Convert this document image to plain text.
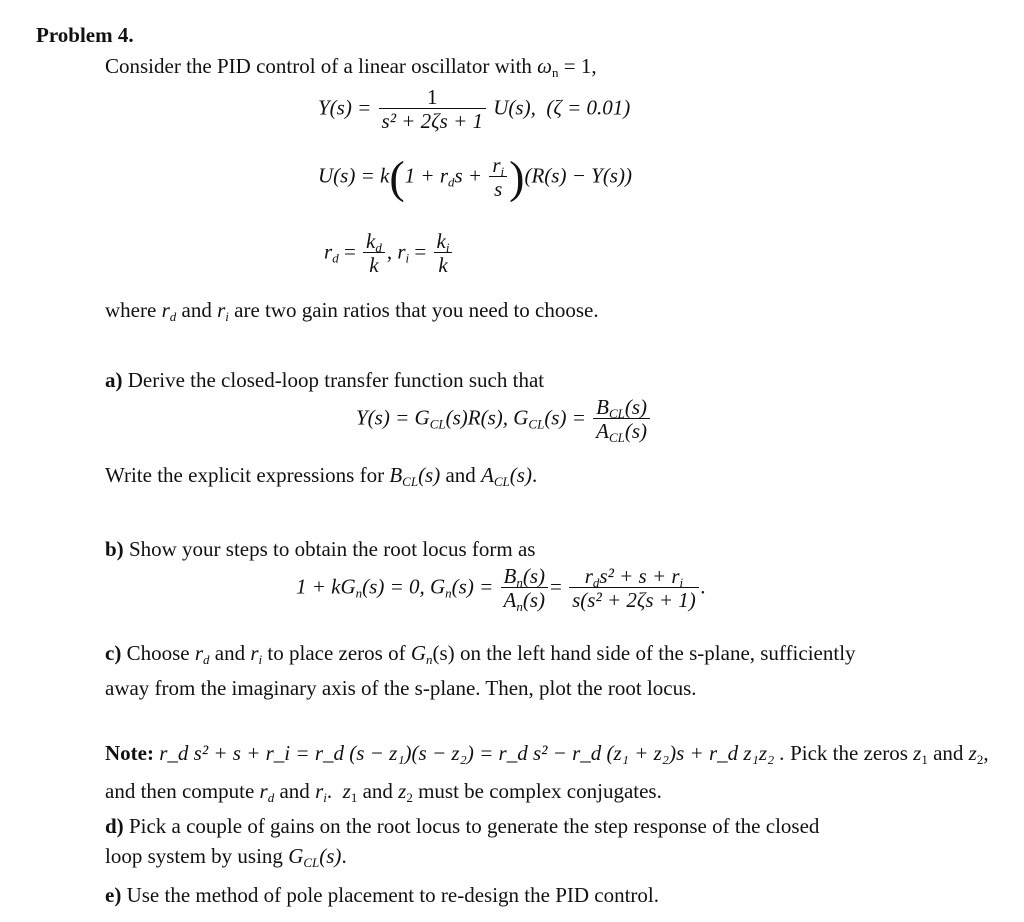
Problem 4.
Consider the PID control of a linear oscillator with $\omega_n = 1$,
$Y(s) = \frac{1}{\text{s² + 2ζs + 1}} U(s)$, (ζ = 0.01)
$U(s) = k(1 + r_ds + \frac{r_i}{s} )(R(s) - Y(s))$
$r_d = \frac{k_d}{k}$ , $r_i = \frac{k_i}{k}$
where $r_d$ and $r_i$ are two gain ratios that you need to choose.
a) Derive the closed-loop transfer function such that
$Y(s) = G_{CL}(s)R(s)$, $G_{CL}(s) = \frac{B_{CL}(s)}{A_{CL}(s)}$
Write the explicit expressions for $B_{CL}(s)$ and $A_{CL}(s)$.
b) Show your steps to obtain the root locus form as
$1 + kG_n(s) = 0$, $G_n(s) = \frac{B_n(s)}{A_n(s)} = \frac{r_ds^2 + s + r_i}{\text{s(s² + 2ζs + 1)}}$ .
c) Choose $r_d$ and $r_i$ to place zeros of $G_n(s)$ on the left hand side of the s-plane, sufficiently
away from the imaginary axis of the s-plane. Then, plot the root locus.
Note: r_d s² + s + r_i = r_d (s − z₁)(s − z₂) = r_d s² − r_d (z₁ + z₂)s + r_d z₁z₂ . Pick the zeros $z_1$ and $z_2$,
and then compute $r_d$ and $r_i$. $z_1$ and $z_2$ must be complex conjugates.
d) Pick a couple of gains on the root locus to generate the step response of the closed
loop system by using $G_{CL}(s)$.
e) Use the method of pole placement to re-design the PID control.
